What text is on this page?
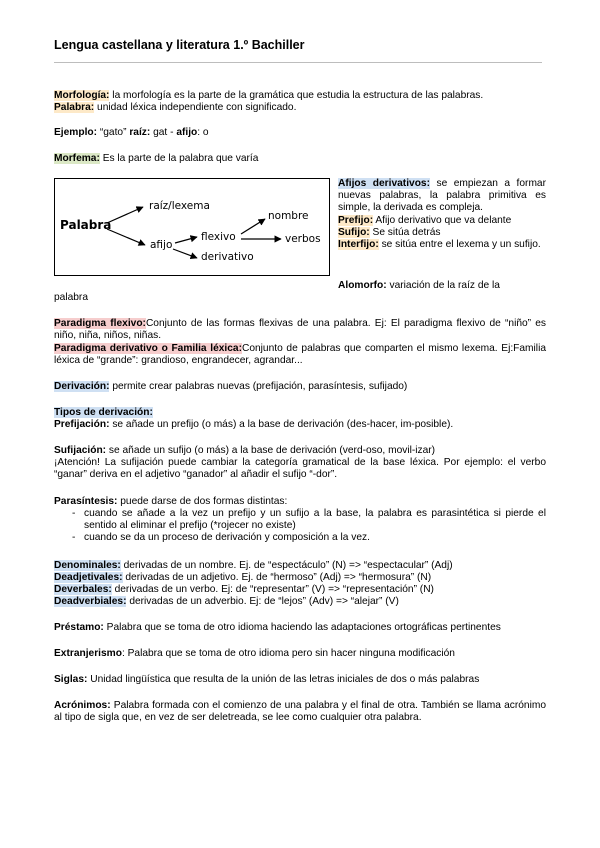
Lengua castellana y literatura 1.º Bachiller
Morfología: la morfología es la parte de la gramática que estudia la estructura de las palabras.
Palabra: unidad léxica independiente con significado.
Ejemplo: “gato” raíz: gat - afijo: o
Morfema: Es la parte de la palabra que varía
Palabra
raíz/lexema
afijo
flexivo
derivativo
nombre
verbos
Afijos derivativos: se empiezan a formar nuevas palabras, la palabra primitiva es simple, la derivada es compleja.
Prefijo: Afijo derivativo que va delante
Sufijo: Se sitúa detrás
Interfijo: se sitúa entre el lexema y un sufijo.
Alomorfo: variación de la raíz de la
palabra
Paradigma flexivo:Conjunto de las formas flexivas de una palabra. Ej: El paradigma flexivo de “niño” es niño, niña, niños, niñas.
Paradigma derivativo o Familia léxica:Conjunto de palabras que comparten el mismo lexema. Ej:Familia léxica de “grande”: grandioso, engrandecer, agrandar...
Derivación: permite crear palabras nuevas (prefijación, parasíntesis, sufijado)
Tipos de derivación:
Prefijación: se añade un prefijo (o más) a la base de derivación (des-hacer, im-posible).
Sufijación: se añade un sufijo (o más) a la base de derivación (verd-oso, movil-izar)
¡Atención! La sufijación puede cambiar la categoría gramatical de la base léxica. Por ejemplo: el verbo “ganar” deriva en el adjetivo “ganador” al añadir el sufijo “-dor”.
Parasíntesis: puede darse de dos formas distintas:
- cuando se añade a la vez un prefijo y un sufijo a la base, la palabra es parasintética si pierde el sentido al eliminar el prefijo (*rojecer no existe)
- cuando se da un proceso de derivación y composición a la vez.
Denominales: derivadas de un nombre. Ej. de “espectáculo” (N) => “espectacular” (Adj)
Deadjetivales: derivadas de un adjetivo. Ej. de “hermoso” (Adj) => “hermosura” (N)
Deverbales: derivadas de un verbo. Ej: de “representar” (V) => “representación” (N)
Deadverbiales: derivadas de un adverbio. Ej: de “lejos” (Adv) => “alejar” (V)
Préstamo: Palabra que se toma de otro idioma haciendo las adaptaciones ortográficas pertinentes
Extranjerismo: Palabra que se toma de otro idioma pero sin hacer ninguna modificación
Siglas: Unidad lingüística que resulta de la unión de las letras iniciales de dos o más palabras
Acrónimos: Palabra formada con el comienzo de una palabra y el final de otra. También se llama acrónimo al tipo de sigla que, en vez de ser deletreada, se lee como cualquier otra palabra.
